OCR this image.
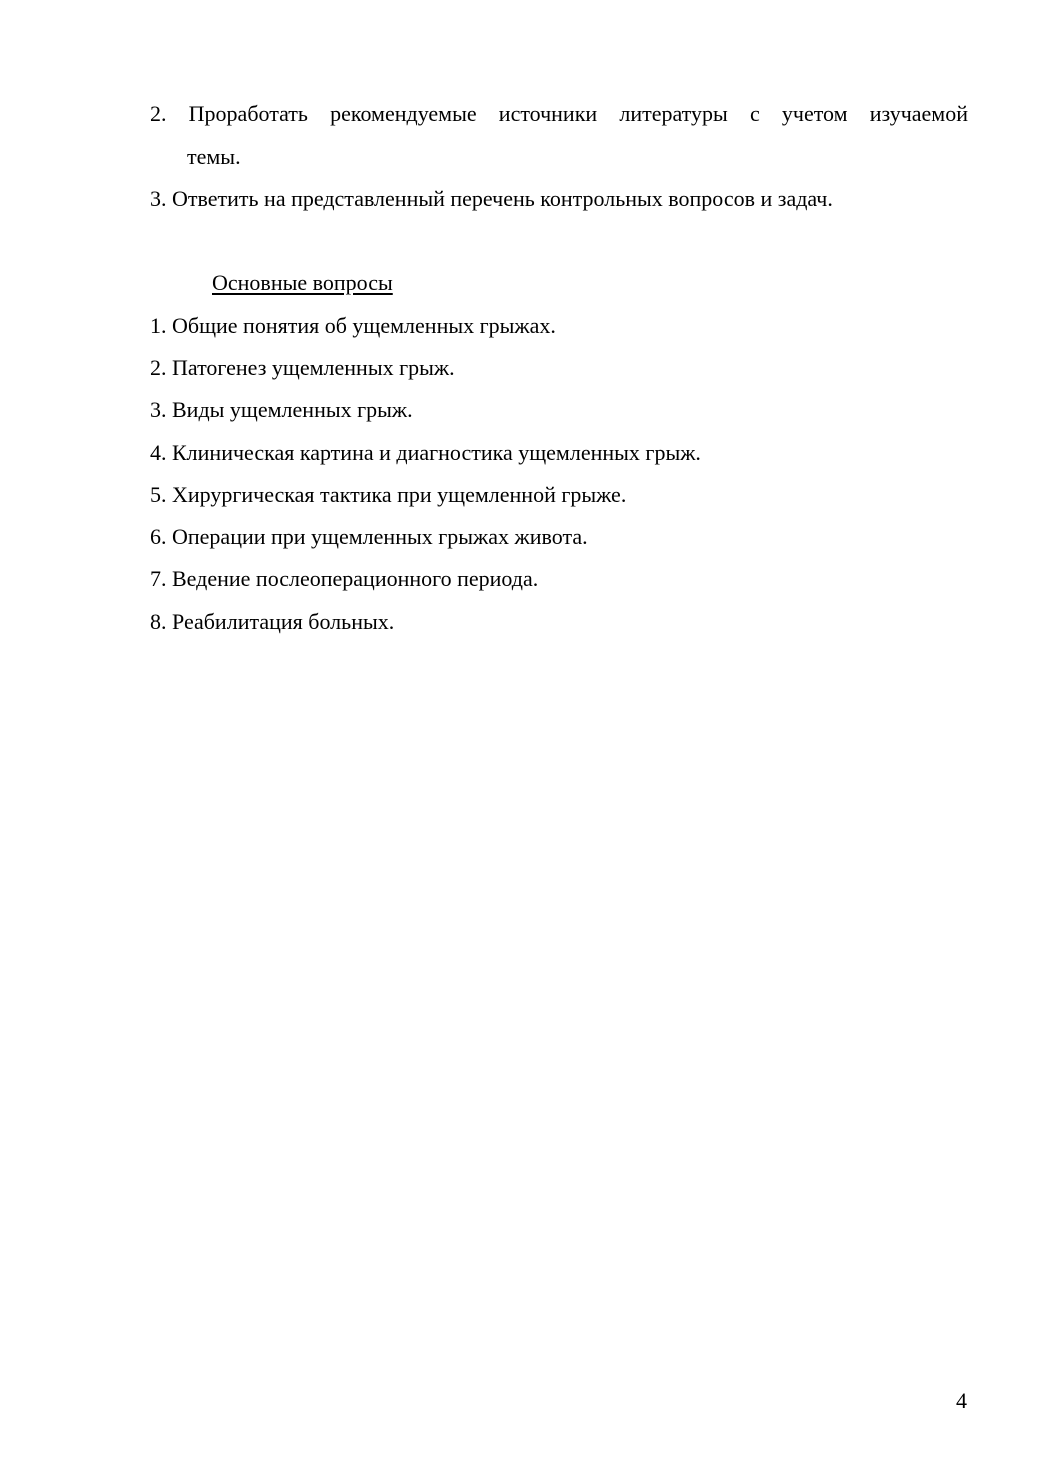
2. Проработать рекомендуемые источники литературы с учетом изучаемой
темы.
3. Ответить на представленный перечень контрольных вопросов и задач.
Основные вопросы
1. Общие понятия об ущемленных грыжах.
2. Патогенез ущемленных грыж.
3. Виды ущемленных грыж.
4. Клиническая картина и диагностика ущемленных грыж.
5. Хирургическая тактика при ущемленной грыже.
6. Операции при ущемленных грыжах живота.
7. Ведение послеоперационного периода.
8. Реабилитация больных.
4
